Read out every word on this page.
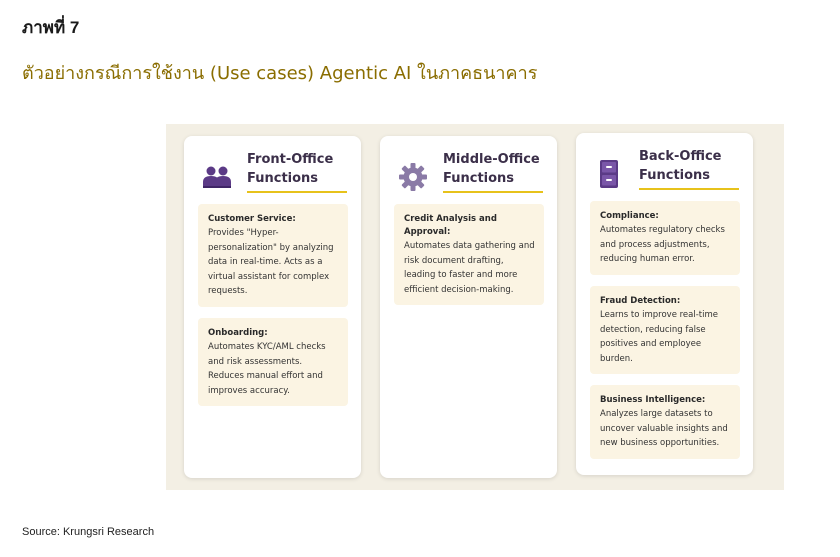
ภาพที่ 7
ตัวอย่างกรณีการใช้งาน (Use cases) Agentic AI ในภาคธนาคาร
Front-Office Functions
Customer Service:
Provides "Hyper-personalization" by analyzing data in real-time. Acts as a virtual assistant for complex requests.
Onboarding:
Automates KYC/AML checks and risk assessments. Reduces manual effort and improves accuracy.
Middle-Office Functions
Credit Analysis and Approval:
Automates data gathering and risk document drafting, leading to faster and more efficient decision-making.
Back-Office Functions
Compliance:
Automates regulatory checks and process adjustments, reducing human error.
Fraud Detection:
Learns to improve real-time detection, reducing false positives and employee burden.
Business Intelligence:
Analyzes large datasets to uncover valuable insights and new business opportunities.
Source: Krungsri Research
